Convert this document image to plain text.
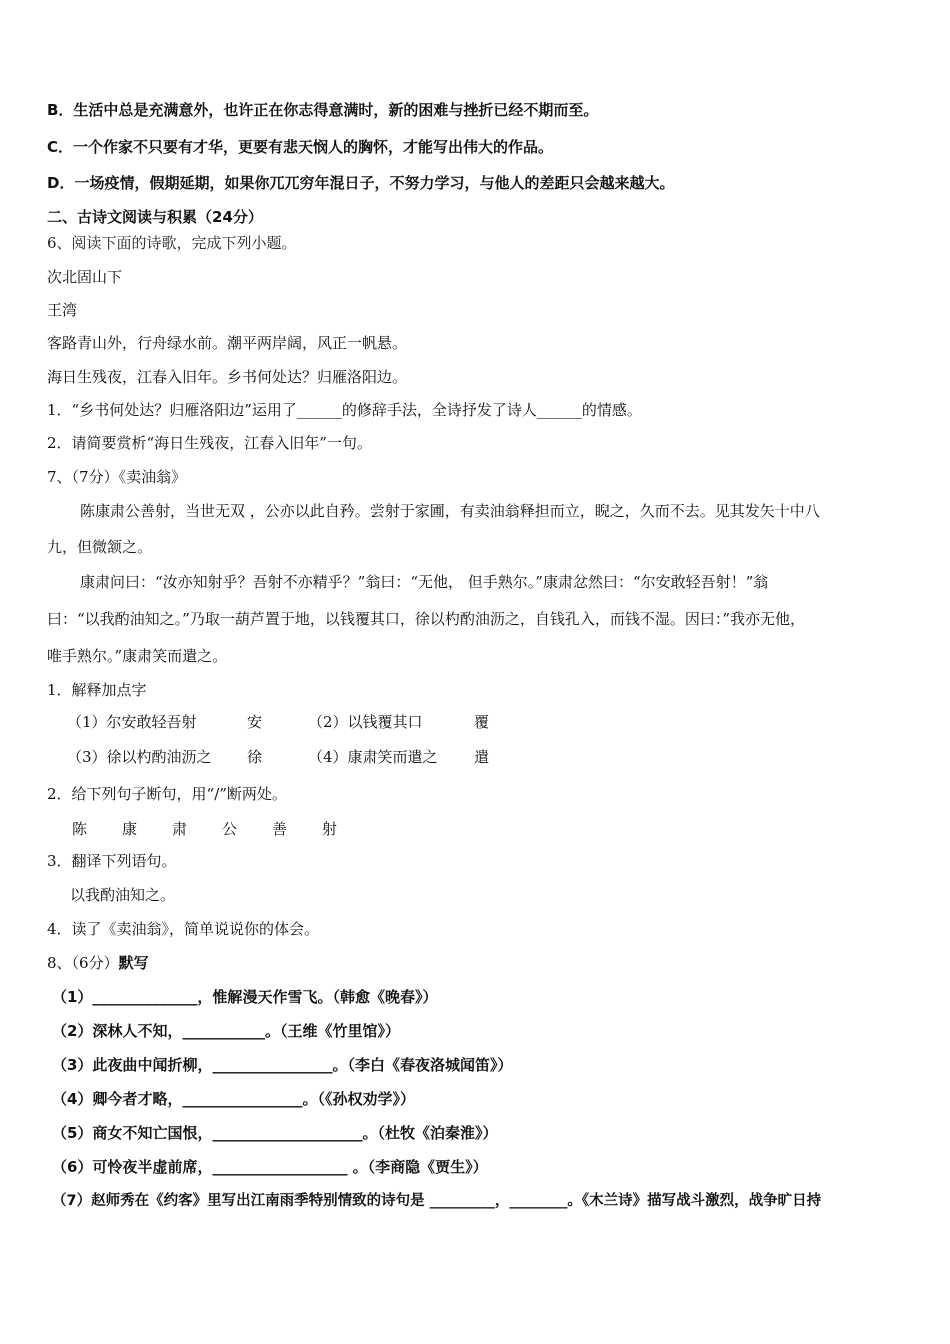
B．生活中总是充满意外，也许正在你志得意满时，新的困难与挫折已经不期而至。
C．一个作家不只要有才华，更要有悲天悯人的胸怀，才能写出伟大的作品。
D．一场疫情，假期延期，如果你兀兀穷年混日子，不努力学习，与他人的差距只会越来越大。
二、古诗文阅读与积累（24分）
6、阅读下面的诗歌，完成下列小题。
次北固山下
王湾
客路青山外，行舟绿水前。潮平两岸阔，风正一帆悬。
海日生残夜，江春入旧年。乡书何处达？归雁洛阳边。
1．“乡书何处达？归雁洛阳边”运用了______的修辞手法，全诗抒发了诗人______的情感。
2．请简要赏析“海日生残夜，江春入旧年”一句。
7、（7分）《卖油翁》
陈康肃公善射，当世无双 ，公亦以此自矜。尝射于家圃，有卖油翁释担而立，睨之，久而不去。见其发矢十中八
九，但微颔之。
康肃问曰：“汝亦知射乎？吾射不亦精乎？”翁曰：“无他， 但手熟尔。”康肃忿然曰：“尔安敢轻吾射！”翁
曰：“以我酌油知之。”乃取一葫芦置于地，以钱覆其口，徐以杓酌油沥之，自钱孔入，而钱不湿。因曰：”我亦无他，
唯手熟尔。”康肃笑而遣之。
1．解释加点字
（1）尔安敢轻吾射	安	（2）以钱覆其口	覆
（3）徐以杓酌油沥之 徐	（4）康肃笑而遣之 遣
2．给下列句子断句，用“/”断两处。
陈 康 肃 公 善 射
3．翻译下列语句。
以我酌油知之。
4．读了《卖油翁》，简单说说你的体会。
8、（6分）默写
（1）______________，惟解漫天作雪飞。（韩愈《晚春》）
（2）深林人不知，___________。（王维《竹里馆》）
（3）此夜曲中闻折柳，________________。（李白《春夜洛城闻笛》）
（4）卿今者才略，________________。（《孙权劝学》）
（5）商女不知亡国恨，____________________。（杜牧《泊秦淮》）
（6）可怜夜半虚前席，__________________ 。（李商隐《贾生》）
（7）赵师秀在《约客》里写出江南雨季特别情致的诗句是 _________，________。《木兰诗》描写战斗激烈，战争旷日持
